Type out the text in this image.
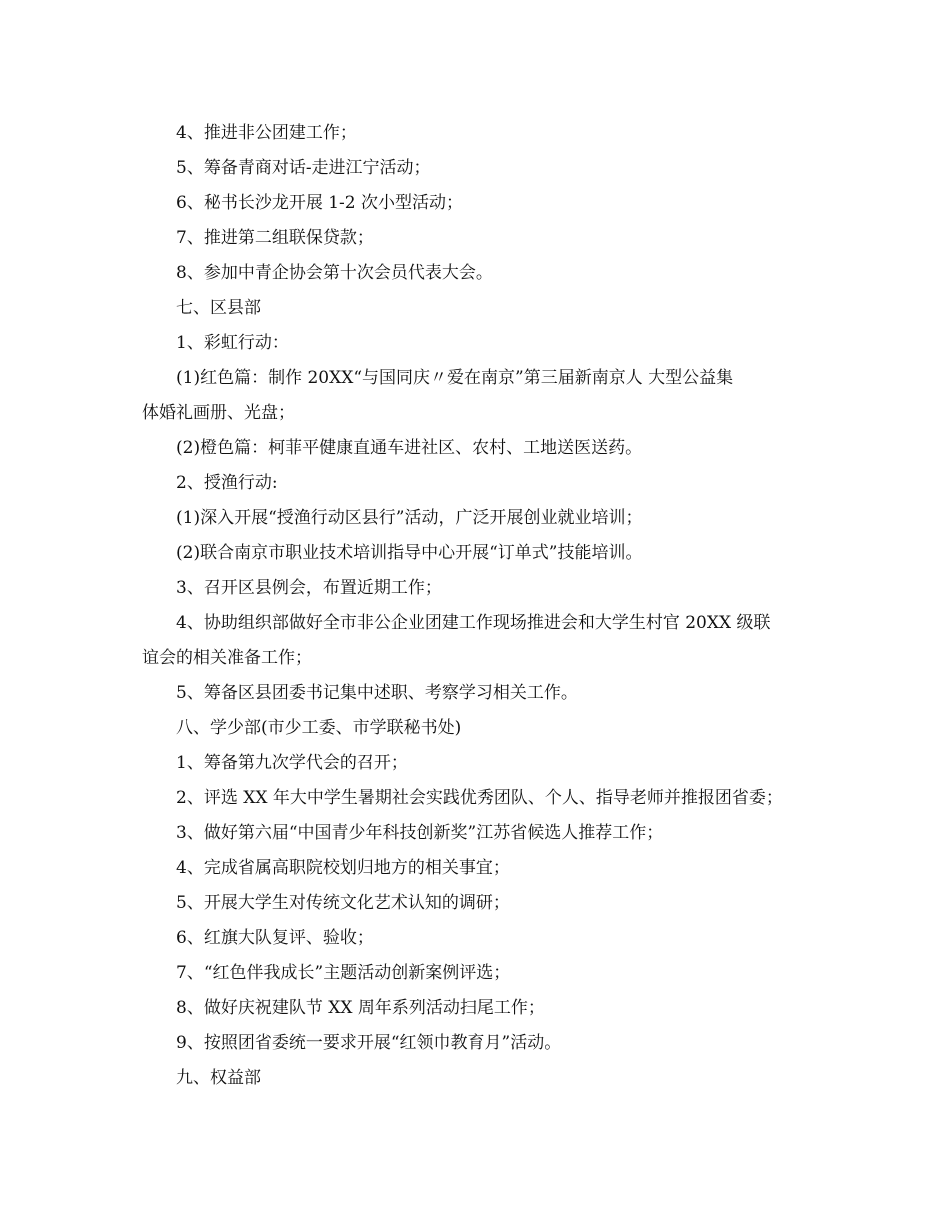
4、推进非公团建工作；
5、筹备青商对话-走进江宁活动；
6、秘书长沙龙开展 1-2 次小型活动；
7、推进第二组联保贷款；
8、参加中青企协会第十次会员代表大会。
七、区县部
1、彩虹行动：
(1)红色篇：制作 20XX“与国同庆〃爱在南京”第三届新南京人 大型公益集
体婚礼画册、光盘；
(2)橙色篇：柯菲平健康直通车进社区、农村、工地送医送药。
2、授渔行动:
(1)深入开展“授渔行动区县行”活动，广泛开展创业就业培训；
(2)联合南京市职业技术培训指导中心开展“订单式”技能培训。
3、召开区县例会，布置近期工作；
4、协助组织部做好全市非公企业团建工作现场推进会和大学生村官 20XX 级联
谊会的相关准备工作；
5、筹备区县团委书记集中述职、考察学习相关工作。
八、学少部(市少工委、市学联秘书处)
1、筹备第九次学代会的召开；
2、评选 XX 年大中学生暑期社会实践优秀团队、个人、指导老师并推报团省委；
3、做好第六届“中国青少年科技创新奖”江苏省候选人推荐工作；
4、完成省属高职院校划归地方的相关事宜；
5、开展大学生对传统文化艺术认知的调研；
6、红旗大队复评、验收；
7、“红色伴我成长”主题活动创新案例评选；
8、做好庆祝建队节 XX 周年系列活动扫尾工作；
9、按照团省委统一要求开展“红领巾教育月”活动。
九、权益部
